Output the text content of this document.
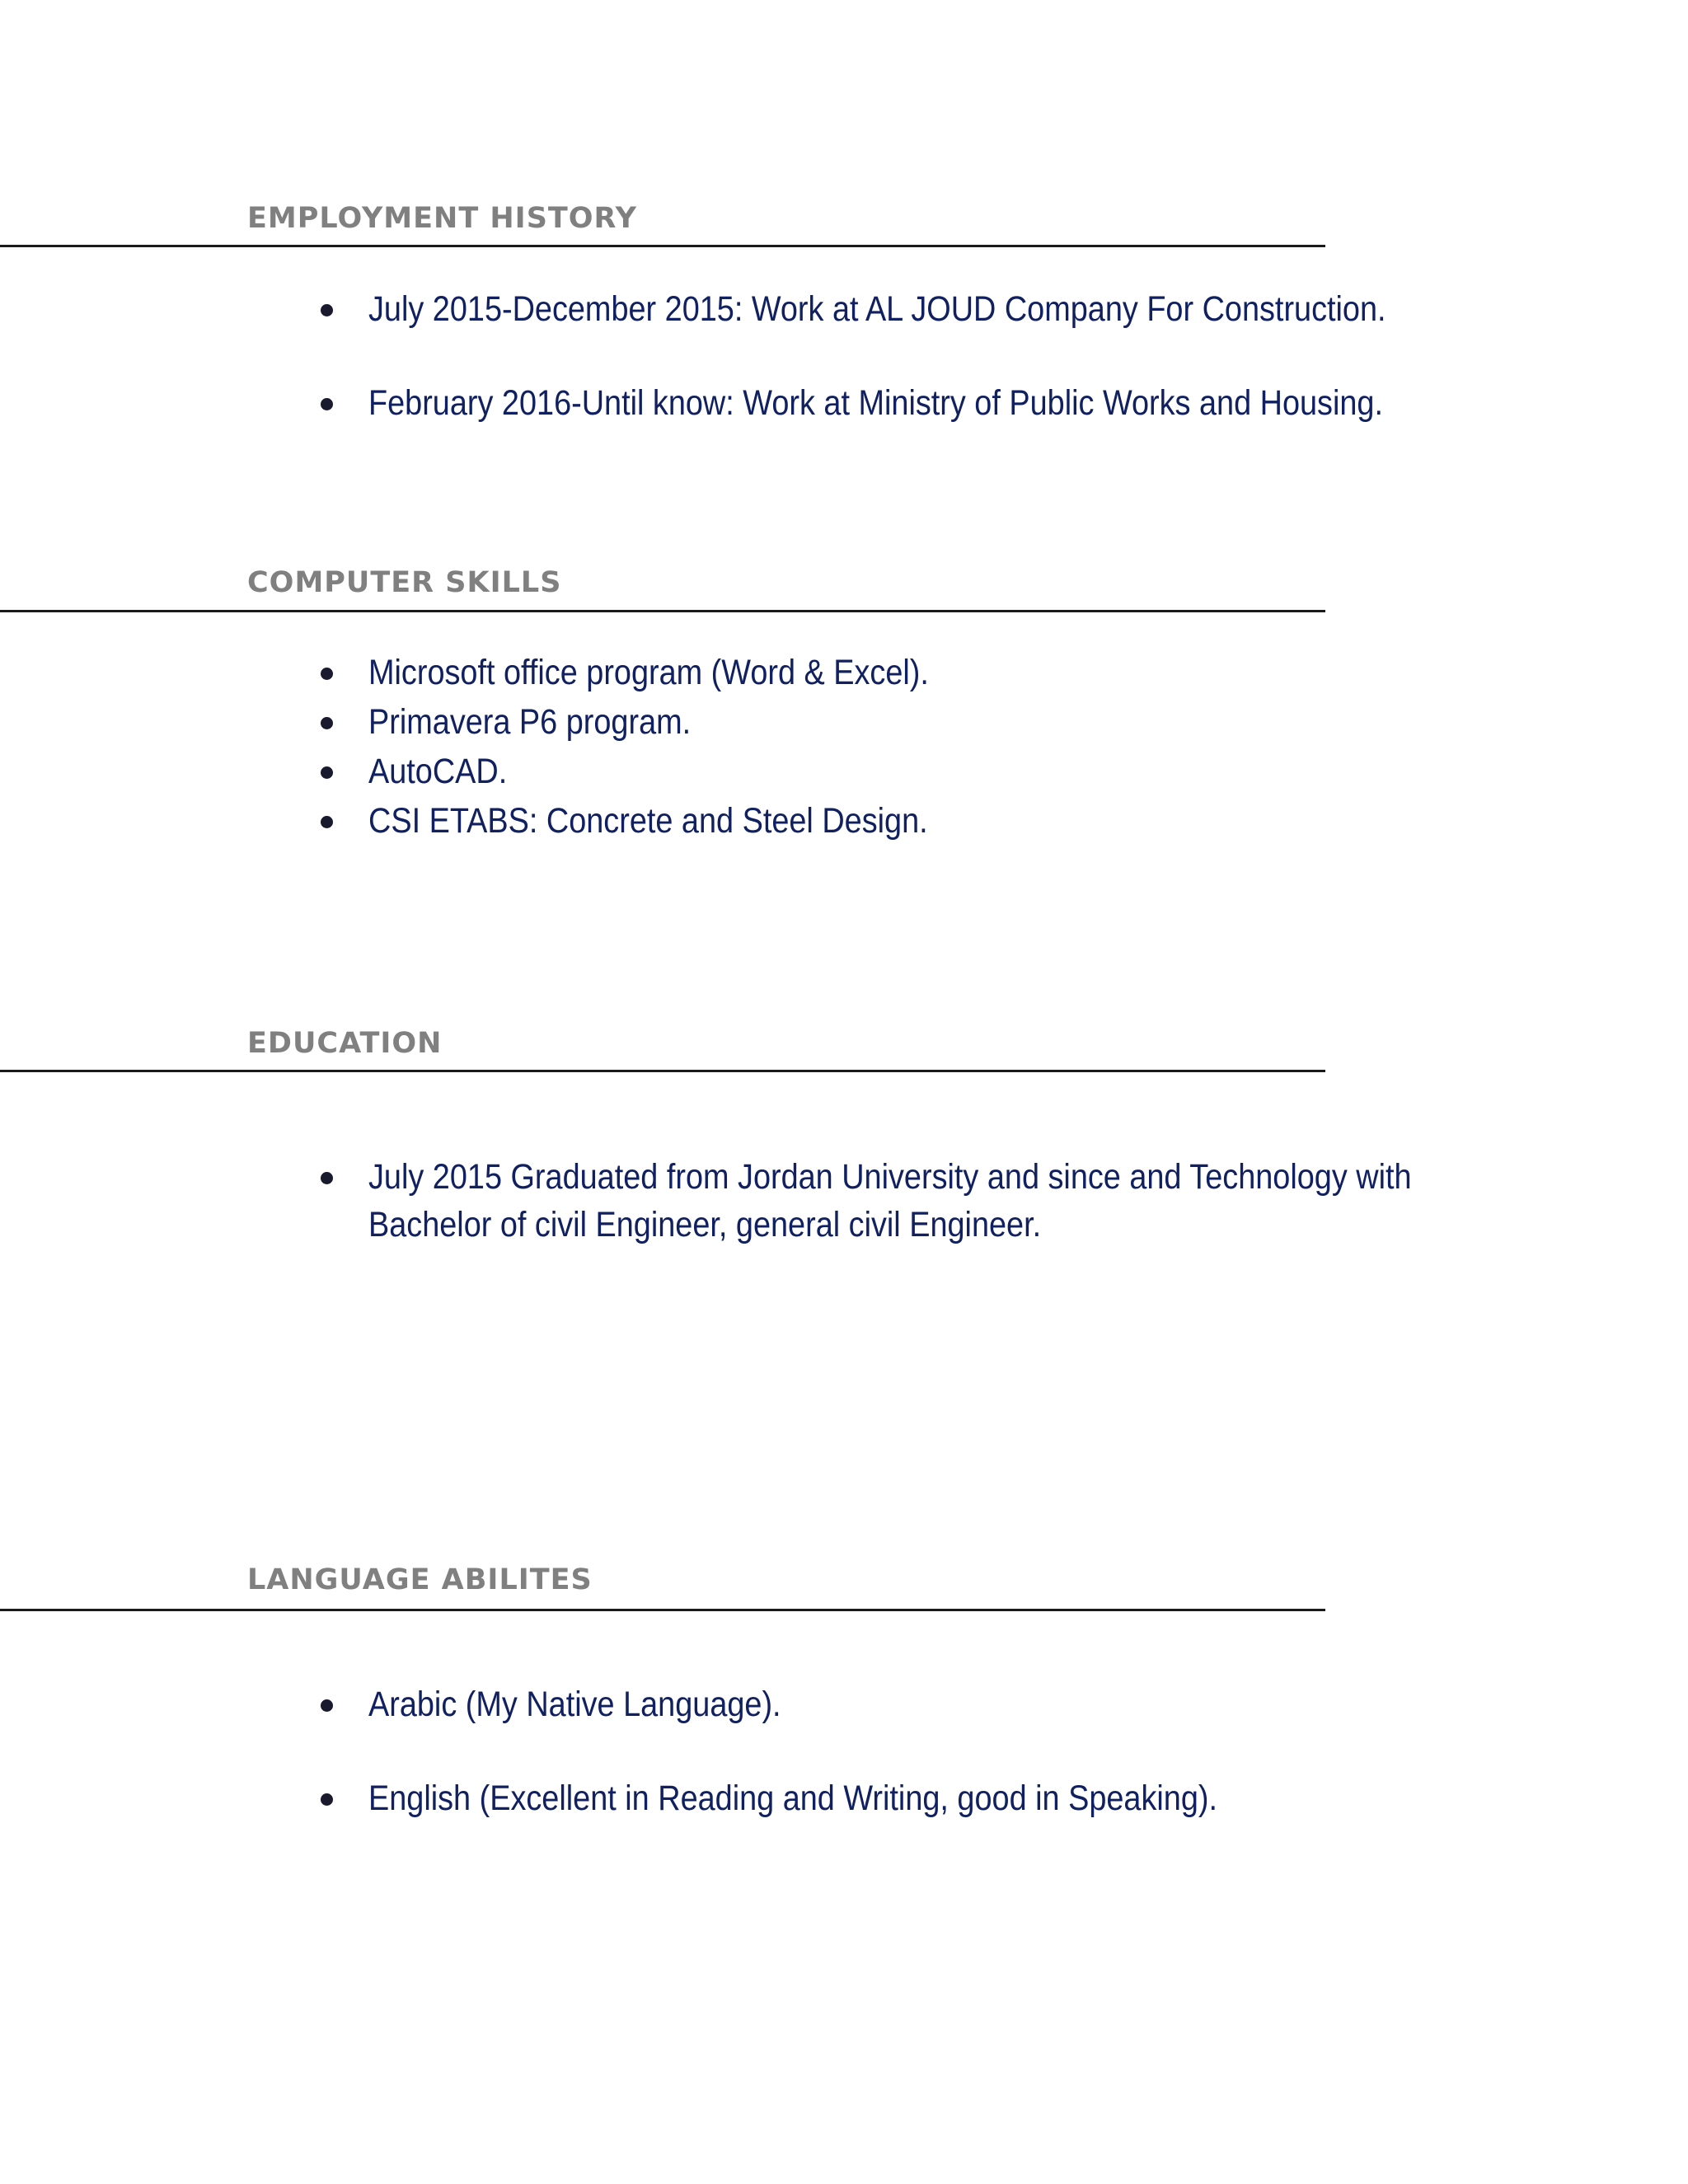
EMPLOYMENT HISTORY
July 2015-December 2015: Work at AL JOUD Company For Construction.
February 2016-Until know: Work at Ministry of Public Works and Housing.
COMPUTER SKILLS
Microsoft office program (Word & Excel).
Primavera P6 program.
AutoCAD.
CSI ETABS: Concrete and Steel Design.
EDUCATION
July 2015 Graduated from Jordan University and since and Technology with
Bachelor of civil Engineer, general civil Engineer.
LANGUAGE ABILITES
Arabic (My Native Language).
English (Excellent in Reading and Writing, good in Speaking).
